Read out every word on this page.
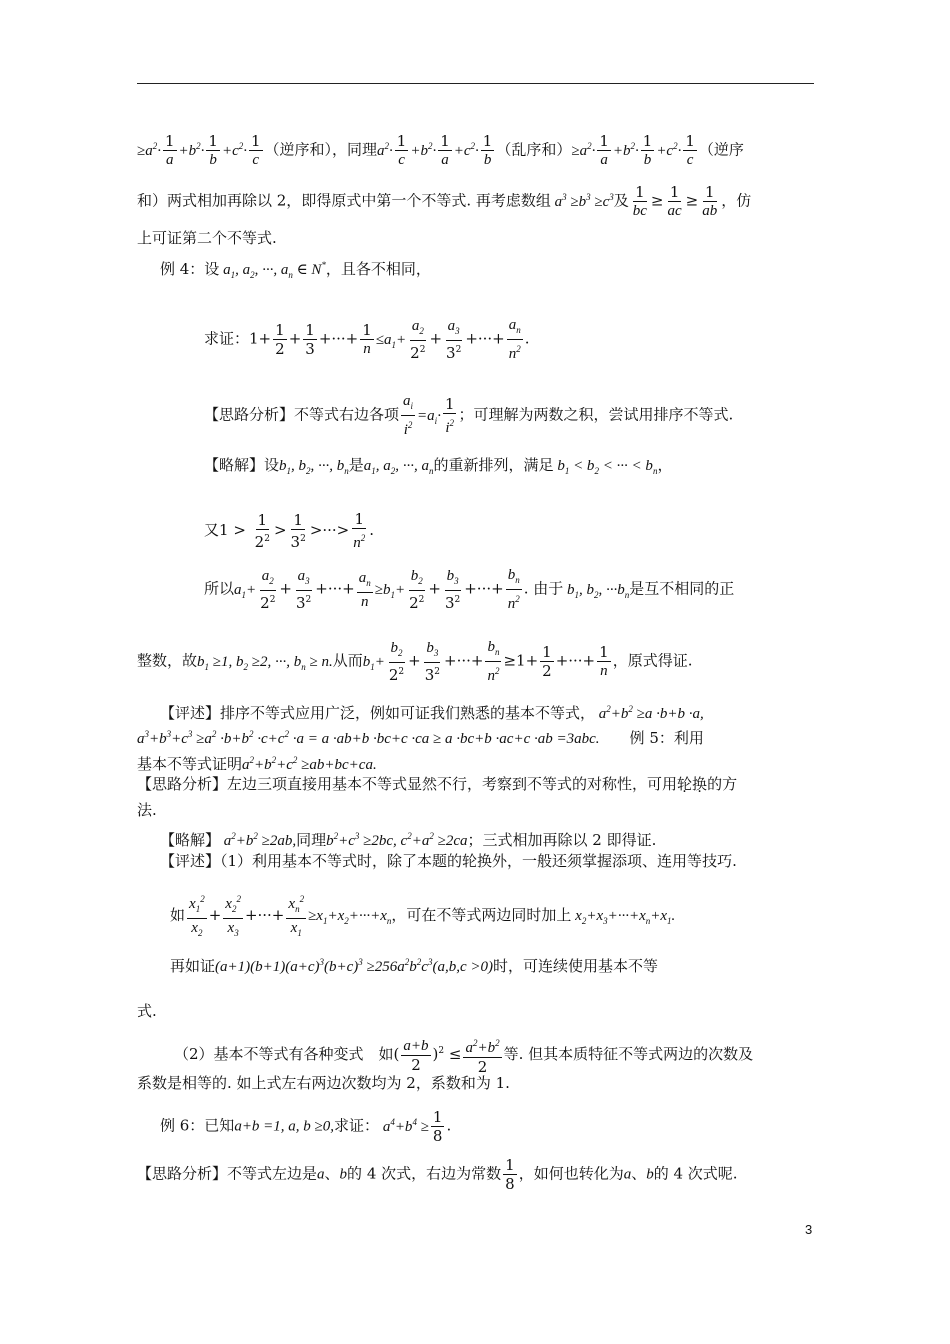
$\ge a^2\cdot \frac{1}{a} +b^2\cdot \frac{1}{b} +c^2\cdot \frac{1}{c}$ （逆序和），同理$a^2\cdot \frac{1}{c} +b^2\cdot \frac{1}{a} +c^2\cdot \frac{1}{b}$ （乱序和）$\ge a^2\cdot \frac{1}{a} +b^2\cdot \frac{1}{b} +c^2\cdot \frac{1}{c}$ （逆序
和）两式相加再除以 2，即得原式中第一个不等式. 再考虑数组 $a^3 \ge b^3 \ge c^3$及 $\frac{1}{bc} \ge \frac{1}{ac} \ge \frac{1}{ab}$ ，仿
上可证第二个不等式.
例 4：设 $a_1$, $a_2$, ···, $a_n$ ∈ N*，且各不相同，
求证：$1+ \frac{1}{2} + \frac{1}{3}$ +···+ $\frac{1}{n} \le a_1+ \frac{a_2}{2^2} + \frac{a_3}{3^2}$ +···+ $\frac{a_n}{n^2}$ .
【思路分析】不等式右边各项 $\frac{a_i}{i^2} =a_i\cdot \frac{1}{i^2}$ ；可理解为两数之积，尝试用排序不等式.
【略解】设$b_1$, $b_2$, ···, $b_n$是$a_1$, $a_2$, ···, $a_n$的重新排列，满足 $b_1 < b_2$ < ··· < $b_n$，
又$1 > \frac{1}{2^2} > \frac{1}{3^2}$ >···> $\frac{1}{n^2}$ .
所以$a_1+ \frac{a_2}{2^2} + \frac{a_3}{3^2}$ +···+ $\frac{a_n}{n} \ge b_1+ \frac{b_2}{2^2} + \frac{b_3}{3^2}$ +···+ $\frac{b_n}{n^2}$ . 由于 $b_1$, $b_2$, $\cdot\cdot\cdot b_n$是互不相同的正
整数，故$b_1 \ge 1$, $b_2 \ge 2$, ···, $b_n \ge n$.从而$b_1+ \frac{b_2}{2^2} + \frac{b_3}{3^2}$ +···+ $\frac{b_n}{n^2} \ge 1+ \frac{1}{2}$ +···+ $\frac{1}{n}$ ，原式得证.
【评述】排序不等式应用广泛，例如可证我们熟悉的基本不等式， $a^2+b^2 \ge a \cdot b+b \cdot a$,
$a^3+b^3+c^3 \ge a^2 \cdot b+b^2 \cdot c+c^2 \cdot a = a \cdot ab+b \cdot bc+c \cdot ca \ge a \cdot bc+b \cdot ac+c \cdot ab =3abc$.　　 例 5：利用
基本不等式证明$a^2+b^2+c^2 \ge ab+bc+ca$.
【思路分析】左边三项直接用基本不等式显然不行，考察到不等式的对称性，可用轮换的方
法.
【略解】 $a^2+b^2 \ge 2ab$,同理$b^2+c^3 \ge 2bc$, $c^2+a^2 \ge 2ca$；三式相加再除以 2 即得证.
【评述】（1）利用基本不等式时，除了本题的轮换外，一般还须掌握添项、连用等技巧.
如 $\frac{x_1^2}{x_2} + \frac{x_2^2}{x_3}$ +···+ $\frac{x_n^2}{x_1} \ge x_1+x_2+\cdot\cdot\cdot+x_n$，可在不等式两边同时加上 $x_2+x_3+\cdot\cdot\cdot+x_n+x_1$.
再如证$(a+1)(b+1)(a+c)^3(b+c)^3 \ge 256a^2b^2c^3(a,b,c >0)$时，可连续使用基本不等
式.
（2）基本不等式有各种变式　如( $\frac{a+b}{2} )^2 \le \frac{a^2+b^2}{2}$ 等. 但其本质特征不等式两边的次数及
系数是相等的. 如上式左右两边次数均为 2，系数和为 1.
例 6：已知a+b =1, a, b ≥0,求证： $a^4+b^4 \ge \frac{1}{8}$ .
【思路分析】不等式左边是a、b的 4 次式，右边为常数 $\frac{1}{8}$ ，如何也转化为a、b的 4 次式呢.
3
